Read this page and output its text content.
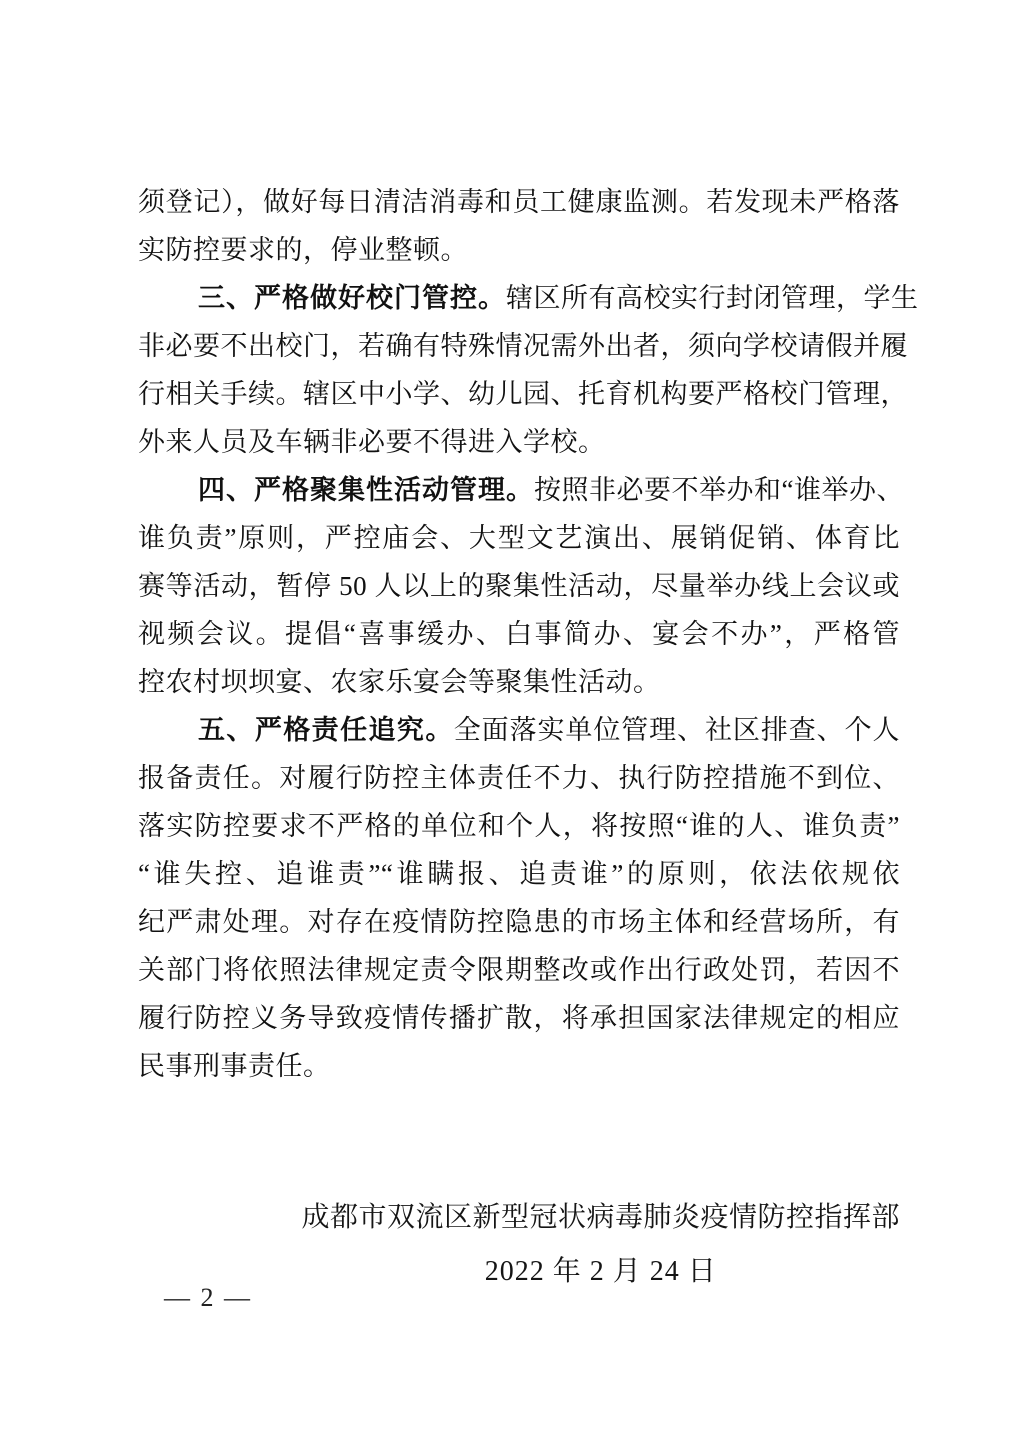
须登记），做好每日清洁消毒和员工健康监测。若发现未严格落
实防控要求的，停业整顿。
三、严格做好校门管控。辖区所有高校实行封闭管理，学生
非必要不出校门，若确有特殊情况需外出者，须向学校请假并履
行相关手续。辖区中小学、幼儿园、托育机构要严格校门管理，
外来人员及车辆非必要不得进入学校。
四、严格聚集性活动管理。按照非必要不举办和“谁举办、
谁负责”原则，严控庙会、大型文艺演出、展销促销、体育比
赛等活动，暂停 50 人以上的聚集性活动，尽量举办线上会议或
视频会议。提倡“喜事缓办、白事简办、宴会不办”，严格管
控农村坝坝宴、农家乐宴会等聚集性活动。
五、严格责任追究。全面落实单位管理、社区排查、个人
报备责任。对履行防控主体责任不力、执行防控措施不到位、
落实防控要求不严格的单位和个人，将按照“谁的人、谁负责”
“谁失控、追谁责”“谁瞒报、追责谁”的原则，依法依规依
纪严肃处理。对存在疫情防控隐患的市场主体和经营场所，有
关部门将依照法律规定责令限期整改或作出行政处罚，若因不
履行防控义务导致疫情传播扩散，将承担国家法律规定的相应
民事刑事责任。
成都市双流区新型冠状病毒肺炎疫情防控指挥部
2022 年 2 月 24 日
— 2 —
